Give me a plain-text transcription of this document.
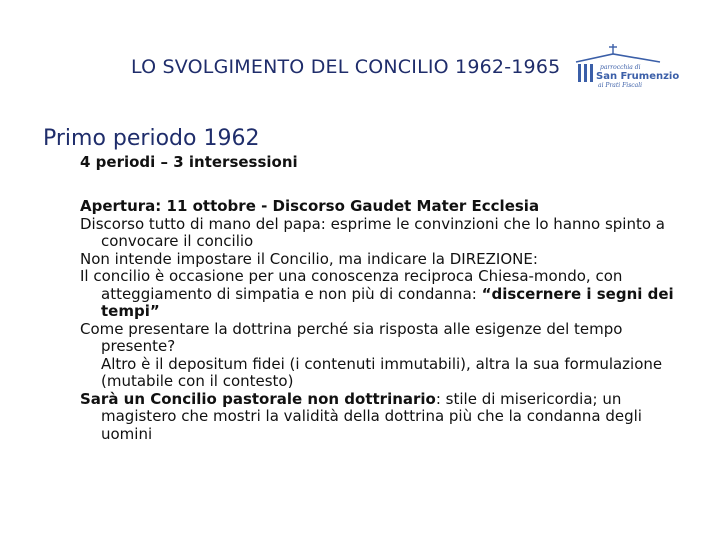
LO SVOLGIMENTO DEL CONCILIO 1962-1965	parrocchia di
San Frumenzio
ai Prati Fiscali
Primo periodo 1962
4 periodi – 3 intersessioni

Apertura: 11 ottobre - Discorso Gaudet Mater Ecclesia

Discorso tutto di mano del papa: esprime le convinzioni che lo hanno spinto a convocare il concilio

Non intende impostare il Concilio, ma indicare la DIREZIONE:

Il concilio è occasione per una conoscenza reciproca Chiesa-mondo, con atteggiamento di simpatia e non più di condanna: “discernere i segni dei tempi”

Come presentare la dottrina perché sia risposta alle esigenze del tempo presente?

Altro è il depositum fidei (i contenuti immutabili), altra la sua formulazione (mutabile con il contesto)

Sarà un Concilio pastorale non dottrinario: stile di misericordia; un magistero che mostri la validità della dottrina più che la condanna degli uomini
